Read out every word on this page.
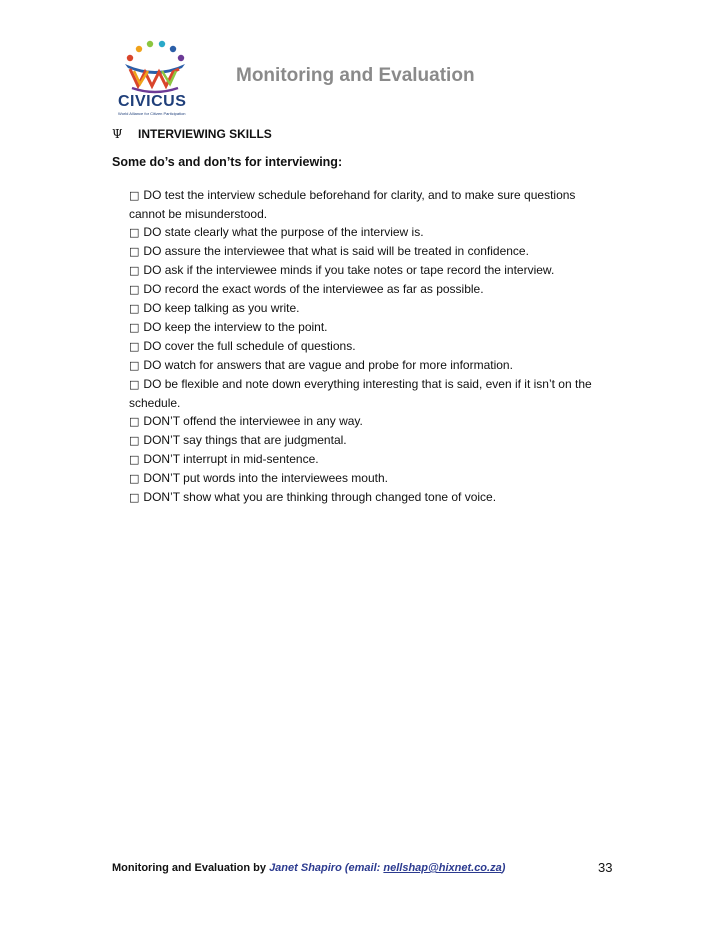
CIVICUS
World Alliance for Citizen Participation
Monitoring and Evaluation
Ψ INTERVIEWING SKILLS
Some do’s and don’ts for interviewing:
□ DO test the interview schedule beforehand for clarity, and to make sure questions cannot be misunderstood.
□ DO state clearly what the purpose of the interview is.
□ DO assure the interviewee that what is said will be treated in confidence.
□ DO ask if the interviewee minds if you take notes or tape record the interview.
□ DO record the exact words of the interviewee as far as possible.
□ DO keep talking as you write.
□ DO keep the interview to the point.
□ DO cover the full schedule of questions.
□ DO watch for answers that are vague and probe for more information.
□ DO be flexible and note down everything interesting that is said, even if it isn’t on the schedule.
□ DON’T offend the interviewee in any way.
□ DON’T say things that are judgmental.
□ DON’T interrupt in mid-sentence.
□ DON’T put words into the interviewees mouth.
□ DON’T show what you are thinking through changed tone of voice.
Monitoring and Evaluation by Janet Shapiro (email: nellshap@hixnet.co.za)	33
